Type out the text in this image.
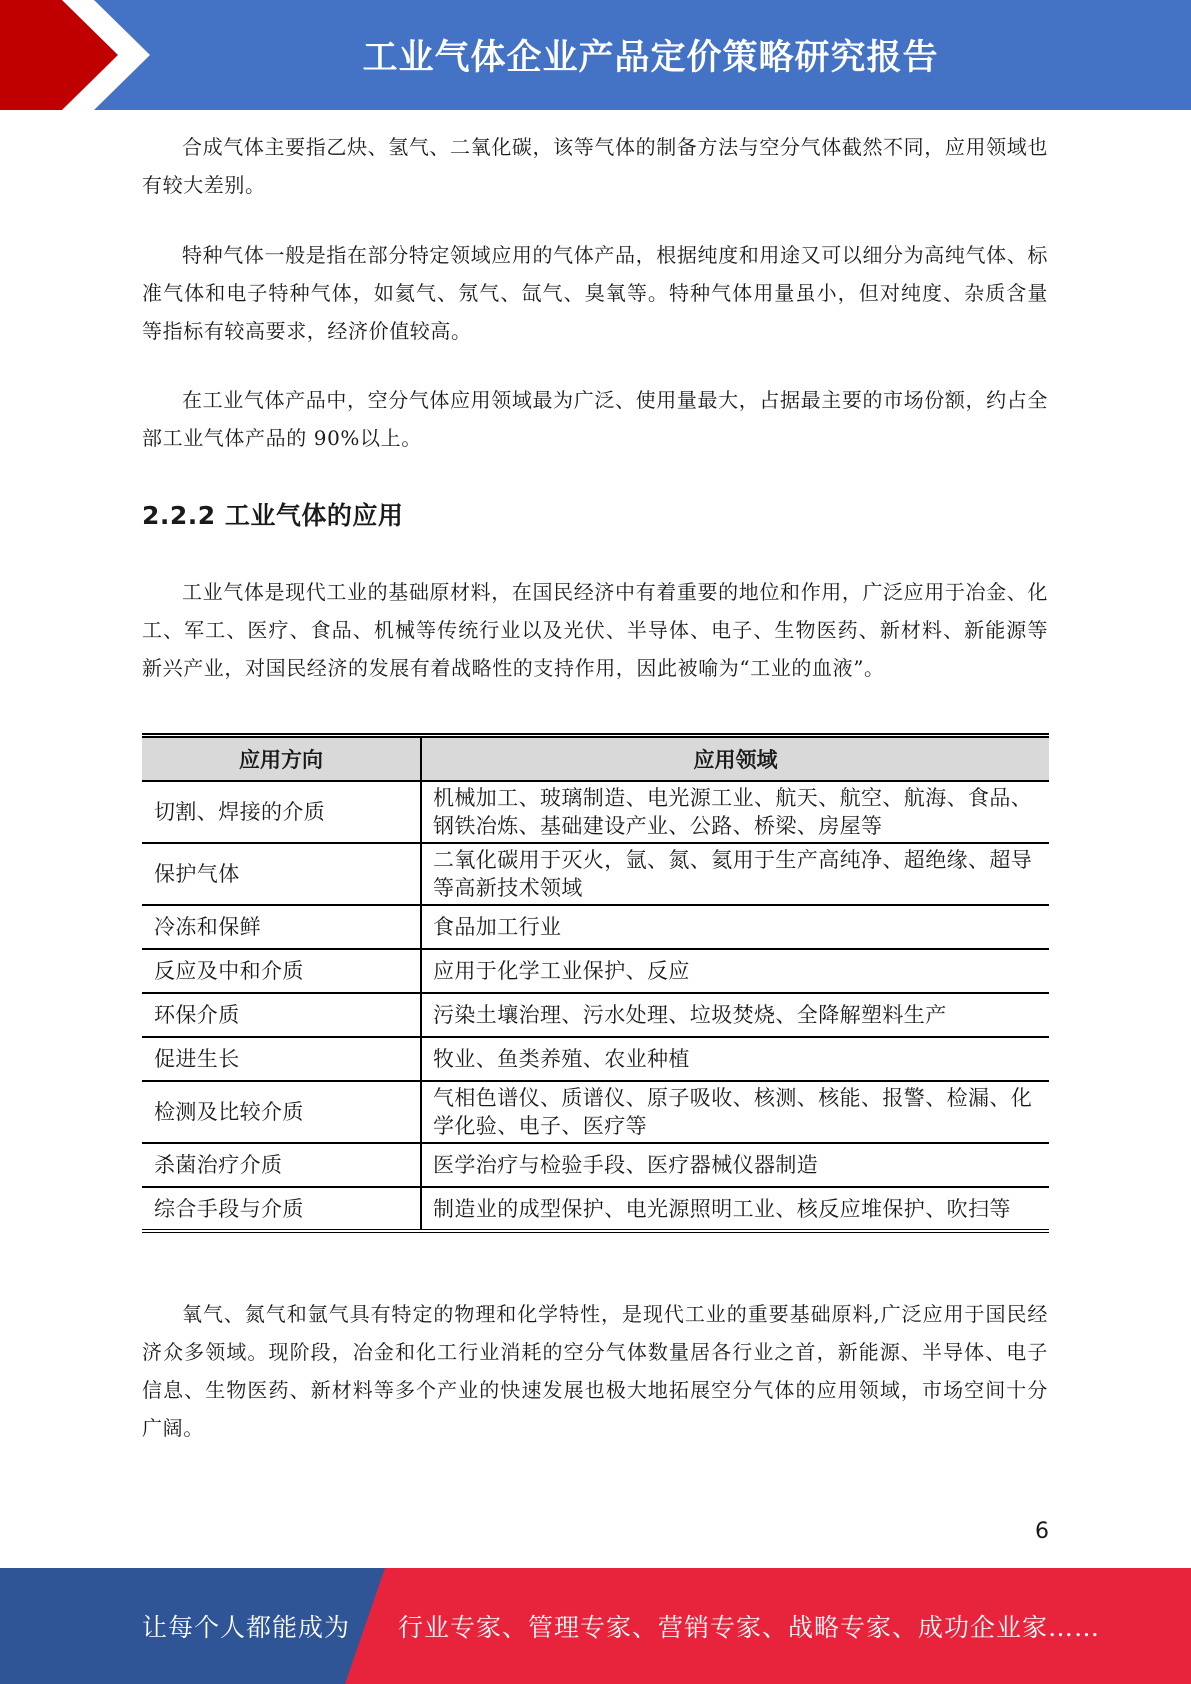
工业气体企业产品定价策略研究报告

合成气体主要指乙炔、氢气、二氧化碳，该等气体的制备方法与空分气体截然不同，应用领域也有较大差别。

特种气体一般是指在部分特定领域应用的气体产品，根据纯度和用途又可以细分为高纯气体、标准气体和电子特种气体，如氦气、氖气、氙气、臭氧等。特种气体用量虽小，但对纯度、杂质含量等指标有较高要求，经济价值较高。

在工业气体产品中，空分气体应用领域最为广泛、使用量最大，占据最主要的市场份额，约占全部工业气体产品的 90%以上。

2.2.2 工业气体的应用

工业气体是现代工业的基础原材料，在国民经济中有着重要的地位和作用，广泛应用于冶金、化工、军工、医疗、食品、机械等传统行业以及光伏、半导体、电子、生物医药、新材料、新能源等新兴产业，对国民经济的发展有着战略性的支持作用，因此被喻为“工业的血液”。

应用方向	应用领域
切割、焊接的介质	机械加工、玻璃制造、电光源工业、航天、航空、航海、食品、钢铁冶炼、基础建设产业、公路、桥梁、房屋等
保护气体	二氧化碳用于灭火，氩、氮、氦用于生产高纯净、超绝缘、超导等高新技术领域
冷冻和保鲜	食品加工行业
反应及中和介质	应用于化学工业保护、反应
环保介质	污染土壤治理、污水处理、垃圾焚烧、全降解塑料生产
促进生长	牧业、鱼类养殖、农业种植
检测及比较介质	气相色谱仪、质谱仪、原子吸收、核测、核能、报警、检漏、化学化验、电子、医疗等
杀菌治疗介质	医学治疗与检验手段、医疗器械仪器制造
综合手段与介质	制造业的成型保护、电光源照明工业、核反应堆保护、吹扫等

氧气、氮气和氩气具有特定的物理和化学特性，是现代工业的重要基础原料,广泛应用于国民经济众多领域。现阶段，冶金和化工行业消耗的空分气体数量居各行业之首，新能源、半导体、电子信息、生物医药、新材料等多个产业的快速发展也极大地拓展空分气体的应用领域，市场空间十分广阔。

6
让每个人都能成为 行业专家、管理专家、营销专家、战略专家、成功企业家……
